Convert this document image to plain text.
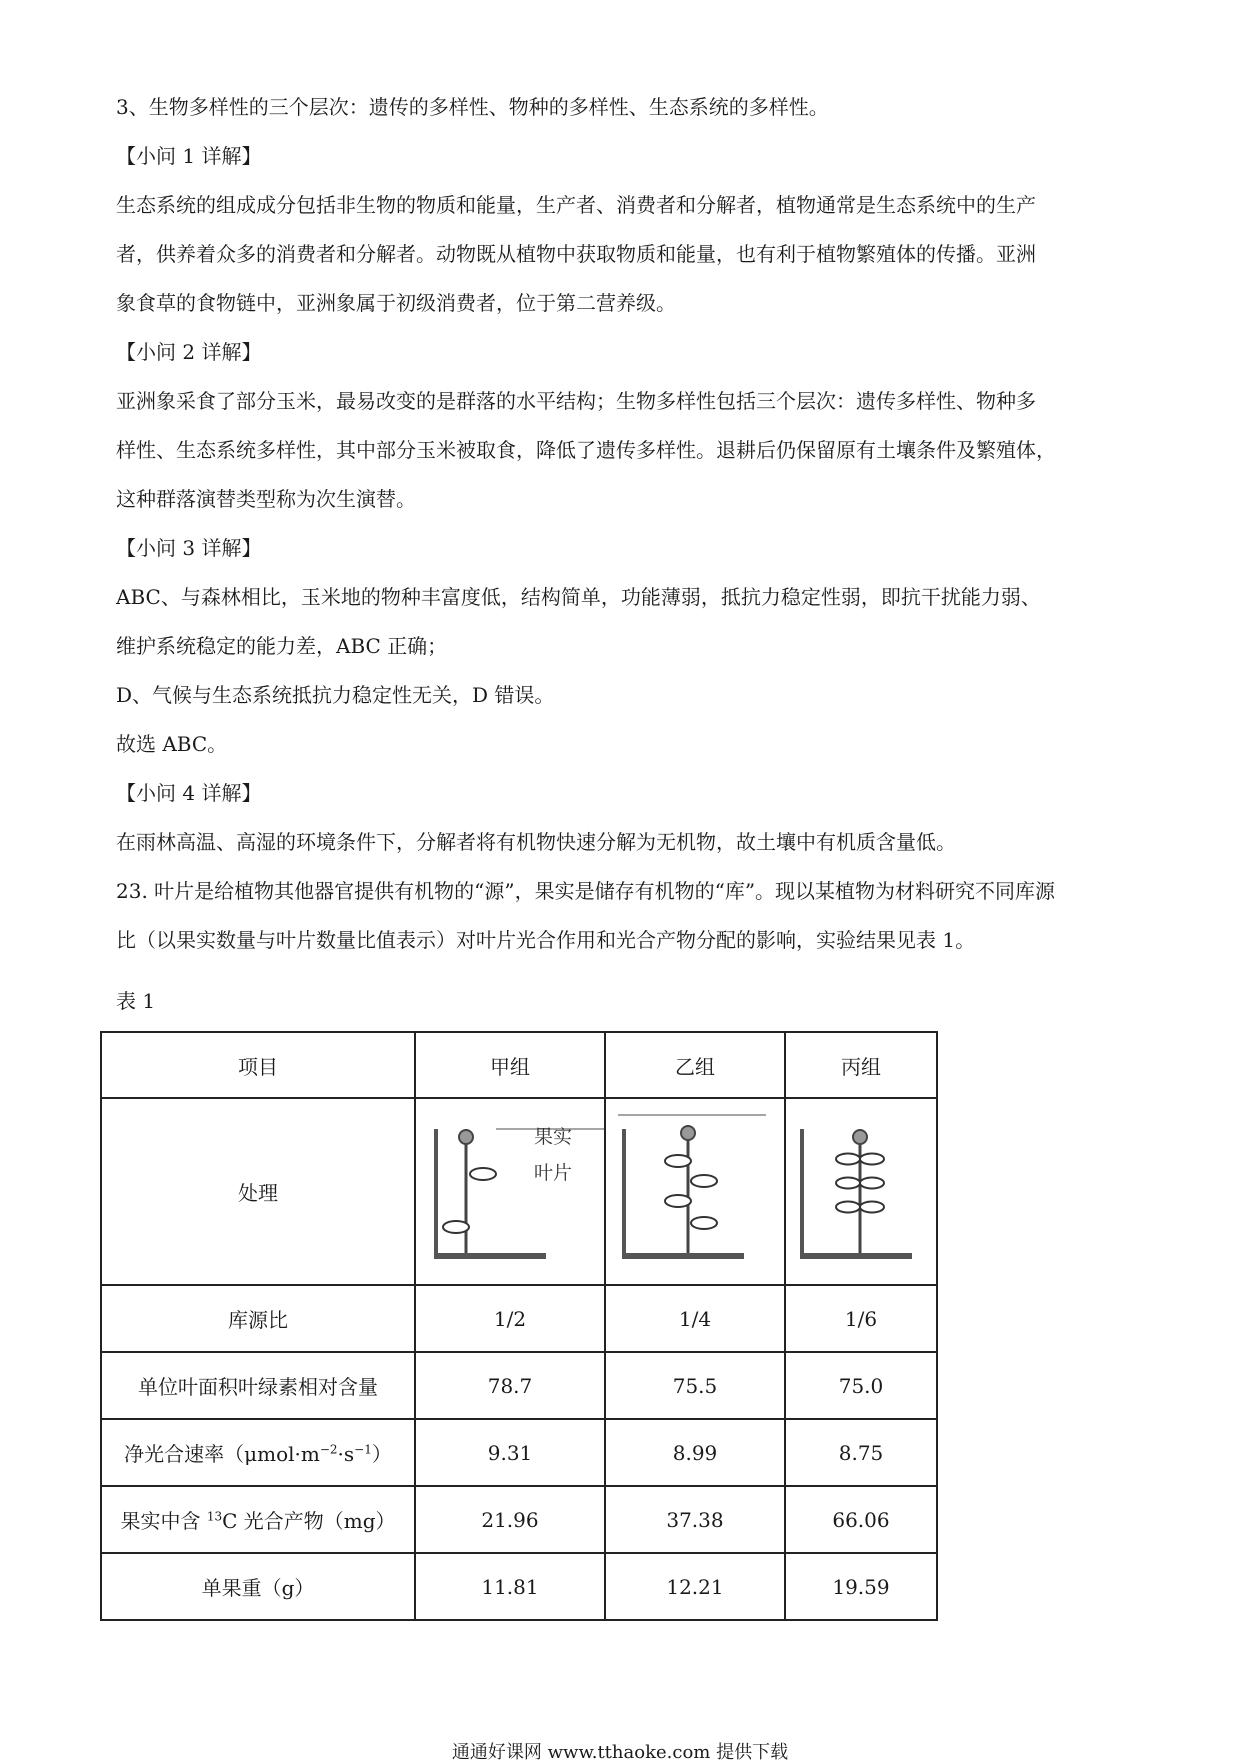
3、生物多样性的三个层次：遗传的多样性、物种的多样性、生态系统的多样性。
【小问 1 详解】
生态系统的组成成分包括非生物的物质和能量，生产者、消费者和分解者，植物通常是生态系统中的生产
者，供养着众多的消费者和分解者。动物既从植物中获取物质和能量，也有利于植物繁殖体的传播。亚洲
象食草的食物链中，亚洲象属于初级消费者，位于第二营养级。
【小问 2 详解】
亚洲象采食了部分玉米，最易改变的是群落的水平结构；生物多样性包括三个层次：遗传多样性、物种多
样性、生态系统多样性，其中部分玉米被取食，降低了遗传多样性。退耕后仍保留原有土壤条件及繁殖体，
这种群落演替类型称为次生演替。
【小问 3 详解】
ABC、与森林相比，玉米地的物种丰富度低，结构简单，功能薄弱，抵抗力稳定性弱，即抗干扰能力弱、
维护系统稳定的能力差，ABC 正确；
D、气候与生态系统抵抗力稳定性无关，D 错误。
故选 ABC。
【小问 4 详解】
在雨林高温、高湿的环境条件下，分解者将有机物快速分解为无机物，故土壤中有机质含量低。
23. 叶片是给植物其他器官提供有机物的“源”，果实是储存有机物的“库”。现以某植物为材料研究不同库源
比（以果实数量与叶片数量比值表示）对叶片光合作用和光合产物分配的影响，实验结果见表 1。
表 1
项目	甲组	乙组	丙组
处理	果实
叶片

库源比	1/2	1/4	1/6
单位叶面积叶绿素相对含量	78.7	75.5	75.0
净光合速率$(\mu mol\cdot m^{-2}\cdot s^{-1})$	9.31	8.99	8.75
果实中含 $^{13}$C 光合产物（mg）	21.96	37.38	66.06
单果重（g）	11.81	12.21	19.59
通通好课网 www.tthaoke.com 提供下载
